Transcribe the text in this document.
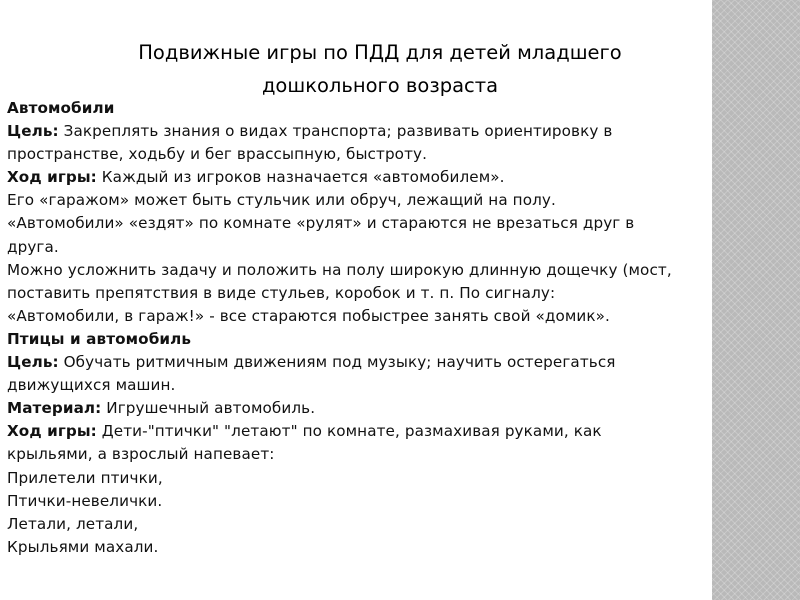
Подвижные игры по ПДД для детей младшего
дошкольного возраста
Автомобили
Цель: Закреплять знания о видах транспорта; развивать ориентировку в
пространстве, ходьбу и бег врассыпную, быстроту.
Ход игры: Каждый из игроков назначается «автомобилем».
Его «гаражом» может быть стульчик или обруч, лежащий на полу.
«Автомобили» «ездят» по комнате «рулят» и стараются не врезаться друг в
друга.
Можно усложнить задачу и положить на полу широкую длинную дощечку (мост,
поставить препятствия в виде стульев, коробок и т. п. По сигналу:
«Автомобили, в гараж!» - все стараются побыстрее занять свой «домик».
Птицы и автомобиль
Цель: Обучать ритмичным движениям под музыку; научить остерегаться
движущихся машин.
Материал: Игрушечный автомобиль.
Ход игры: Дети-"птички" "летают" по комнате, размахивая руками, как
крыльями, а взрослый напевает:
Прилетели птички,
Птички-невелички.
Летали, летали,
Крыльями махали.
